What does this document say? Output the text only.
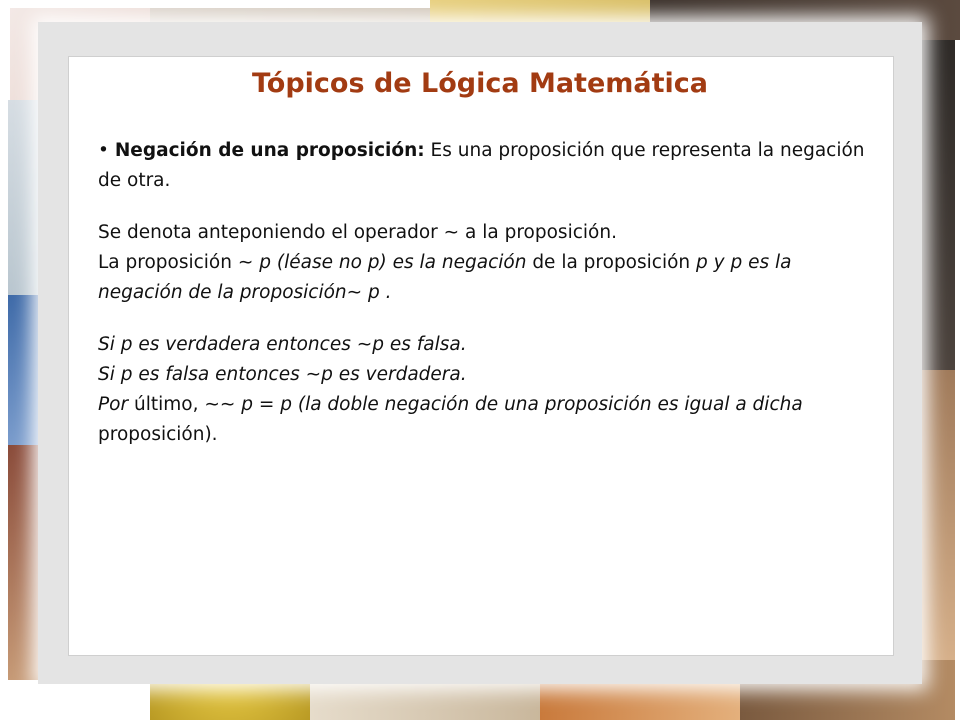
Tópicos de Lógica Matemática

• Negación de una proposición: Es una proposición que representa la negación de otra.

Se denota anteponiendo el operador ∼ a la proposición.

La proposición ∼ p (léase no p) es la negación de la proposición p y p es la negación de la proposición∼ p .

Si p es verdadera entonces ∼p es falsa.

Si p es falsa entonces ∼p es verdadera.

Por último, ∼∼ p = p (la doble negación de una proposición es igual a dicha proposición).
